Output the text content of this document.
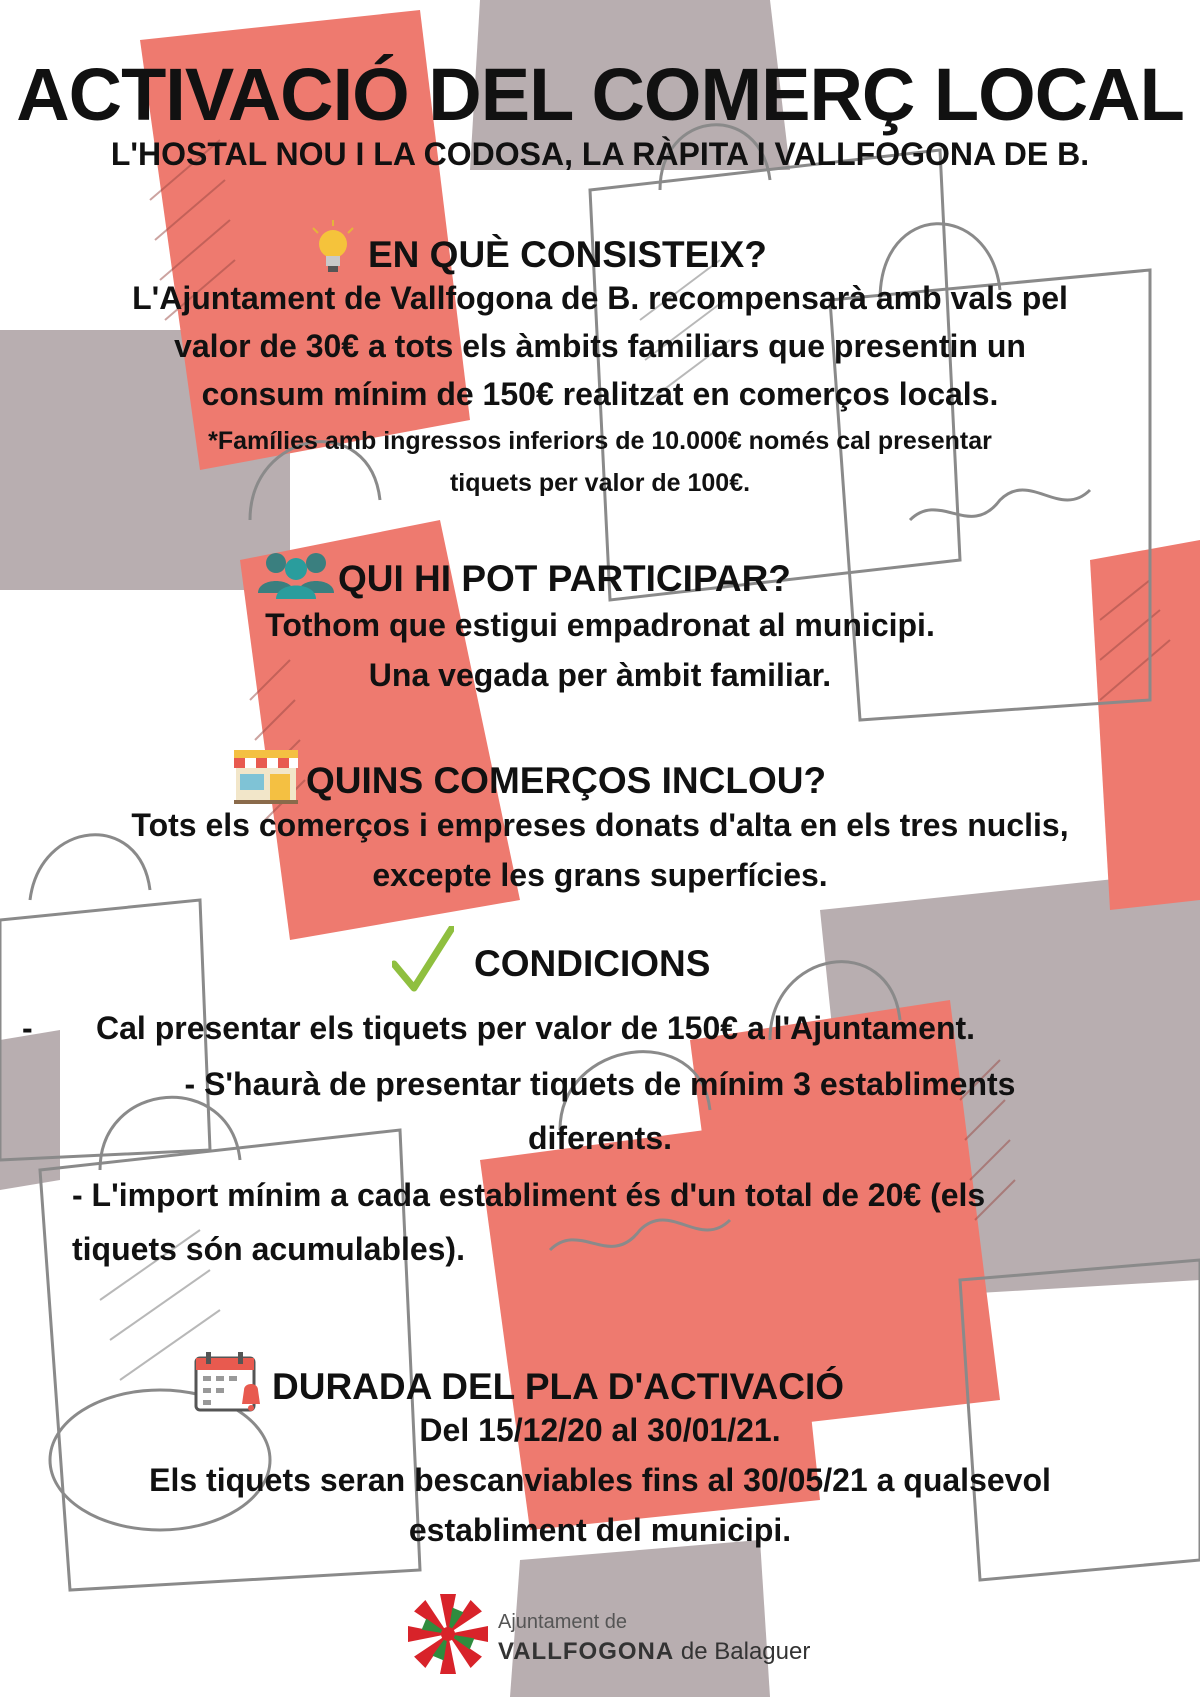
ACTIVACIÓ DEL COMERÇ LOCAL
L'HOSTAL NOU I LA CODOSA, LA RÀPITA I VALLFOGONA DE B.
EN QUÈ CONSISTEIX?
L'Ajuntament de Vallfogona de B. recompensarà amb vals pel
valor de 30€ a tots els àmbits familiars que presentin un
consum mínim de 150€ realitzat en comerços locals.
*Famílies amb ingressos inferiors de 10.000€ només cal presentar
tiquets per valor de 100€.
QUI HI POT PARTICIPAR?
Tothom que estigui empadronat al municipi.
Una vegada per àmbit familiar.
QUINS COMERÇOS INCLOU?
Tots els comerços i empreses donats d'alta en els tres nuclis,
excepte les grans superfícies.
CONDICIONS
- Cal presentar els tiquets per valor de 150€ a l'Ajuntament.
- S'haurà de presentar tiquets de mínim 3 establiments
diferents.
- L'import mínim a cada establiment és d'un total de 20€ (els
tiquets són acumulables).
DURADA DEL PLA D'ACTIVACIÓ
Del 15/12/20 al 30/01/21.
Els tiquets seran bescanviables fins al 30/05/21 a qualsevol
establiment del municipi.
Ajuntament de
VALLFOGONA de Balaguer
